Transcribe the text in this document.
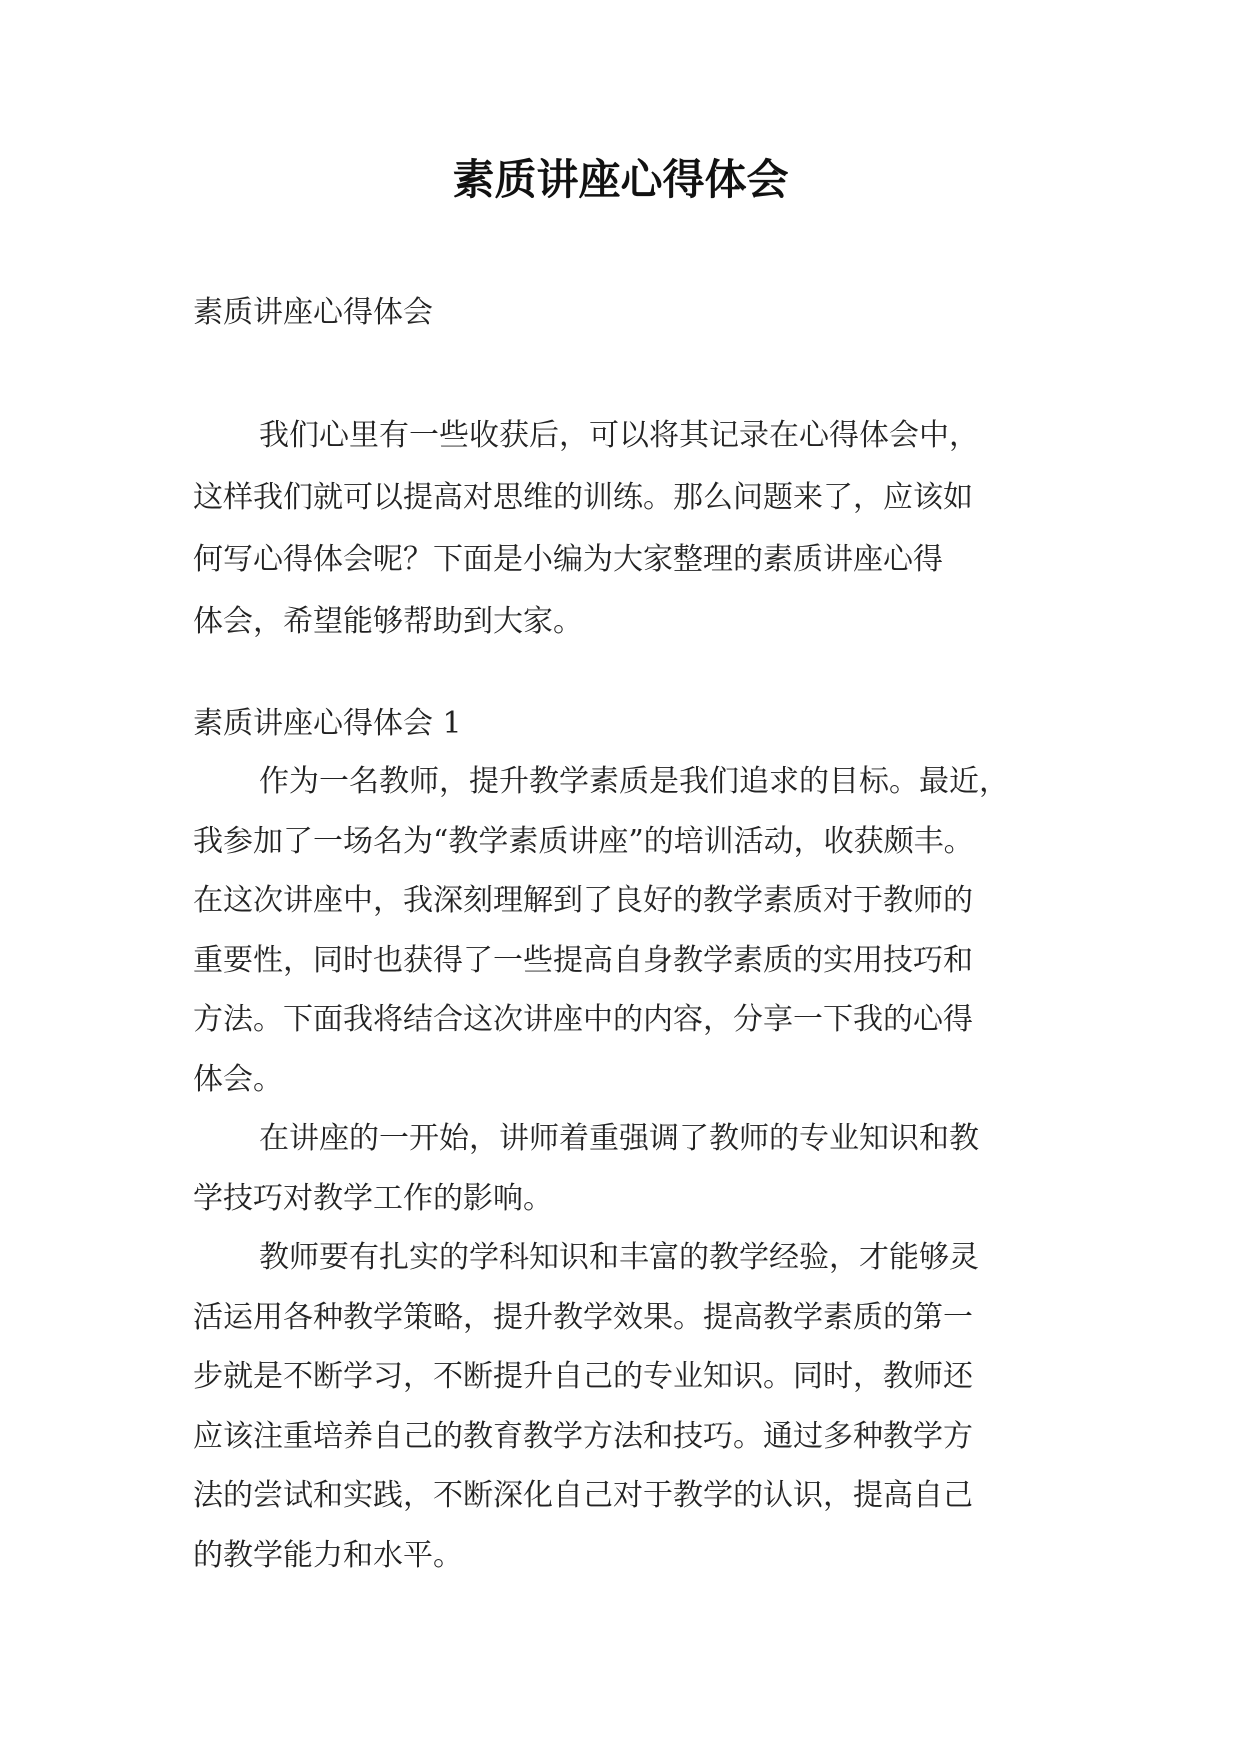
素质讲座心得体会

素质讲座心得体会

我们心里有一些收获后，可以将其记录在心得体会中，
这样我们就可以提高对思维的训练。那么问题来了，应该如
何写心得体会呢？下面是小编为大家整理的素质讲座心得
体会，希望能够帮助到大家。

素质讲座心得体会 1

作为一名教师，提升教学素质是我们追求的目标。最近，
我参加了一场名为“教学素质讲座”的培训活动，收获颇丰。
在这次讲座中，我深刻理解到了良好的教学素质对于教师的
重要性，同时也获得了一些提高自身教学素质的实用技巧和
方法。下面我将结合这次讲座中的内容，分享一下我的心得
体会。
在讲座的一开始，讲师着重强调了教师的专业知识和教
学技巧对教学工作的影响。
教师要有扎实的学科知识和丰富的教学经验，才能够灵
活运用各种教学策略，提升教学效果。提高教学素质的第一
步就是不断学习，不断提升自己的专业知识。同时，教师还
应该注重培养自己的教育教学方法和技巧。通过多种教学方
法的尝试和实践，不断深化自己对于教学的认识，提高自己
的教学能力和水平。
